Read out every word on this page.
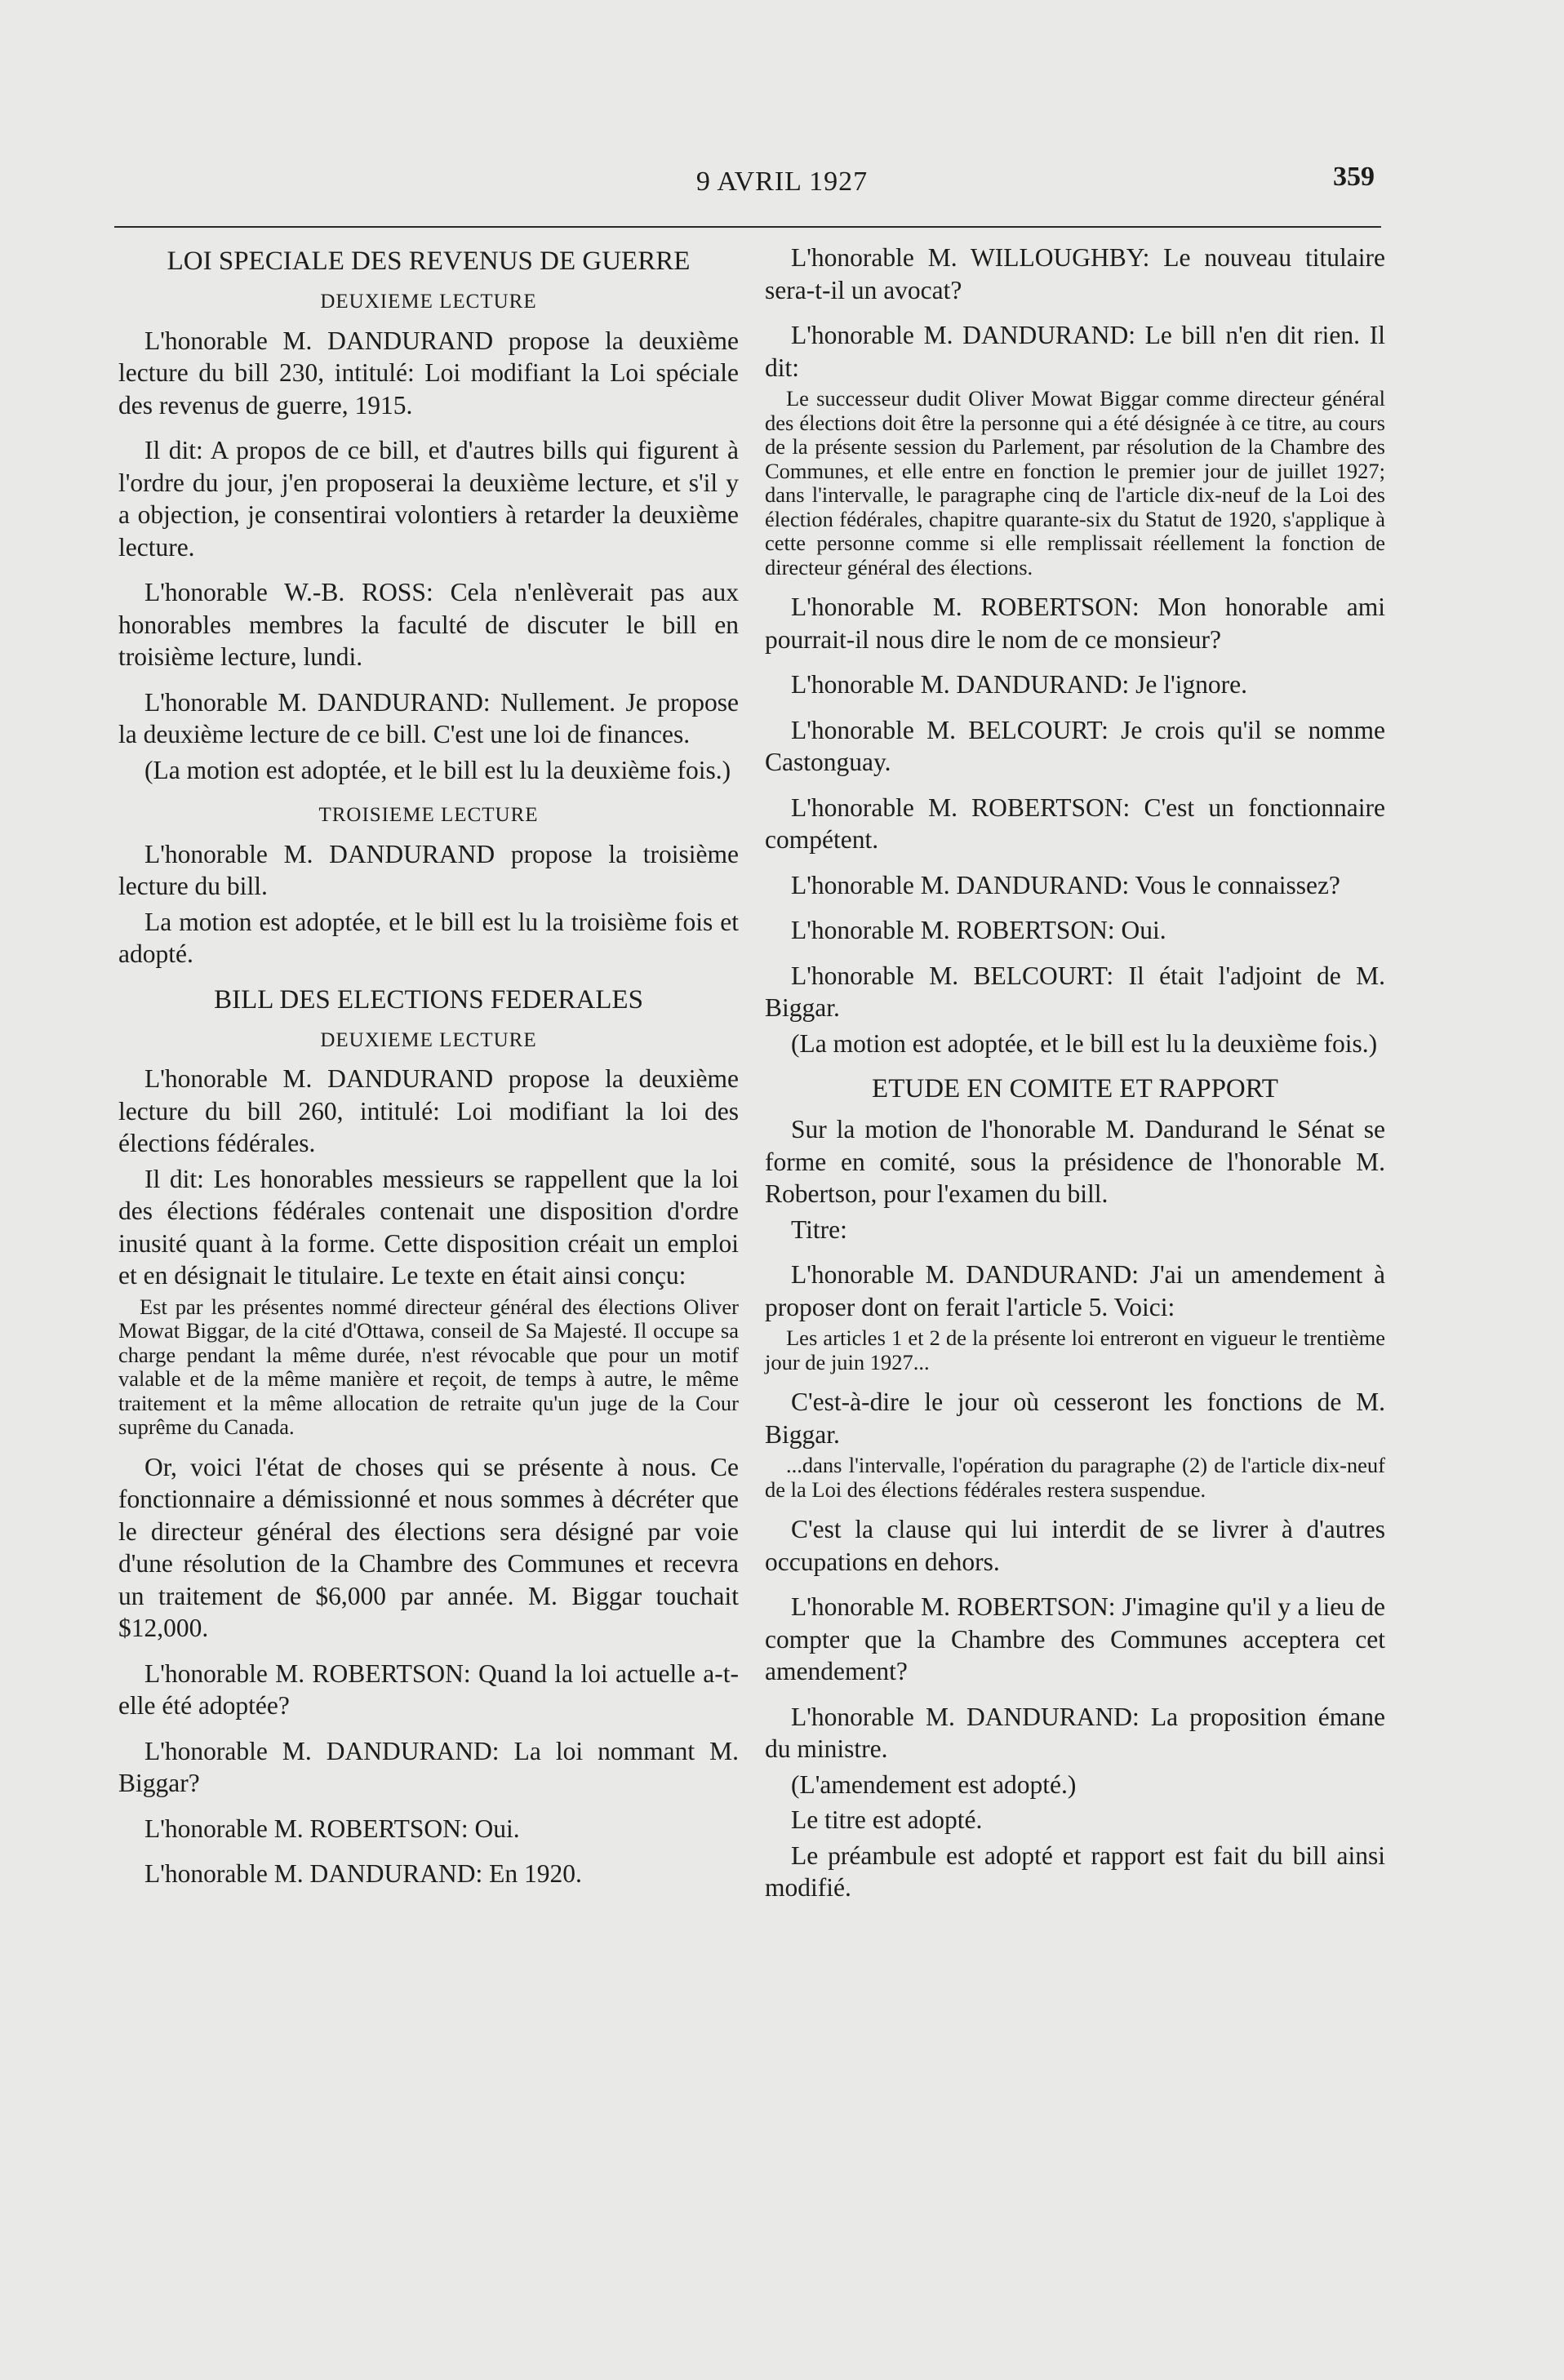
9 AVRIL 1927	359
LOI SPECIALE DES REVENUS DE GUERRE
DEUXIEME LECTURE

L'honorable M. DANDURAND propose la deuxième lecture du bill 230, intitulé: Loi modifiant la Loi spéciale des revenus de guerre, 1915.

Il dit: A propos de ce bill, et d'autres bills qui figurent à l'ordre du jour, j'en proposerai la deuxième lecture, et s'il y a objection, je consentirai volontiers à retarder la deuxième lecture.

L'honorable W.-B. ROSS: Cela n'enlèverait pas aux honorables membres la faculté de discuter le bill en troisième lecture, lundi.

L'honorable M. DANDURAND: Nullement. Je propose la deuxième lecture de ce bill. C'est une loi de finances.

(La motion est adoptée, et le bill est lu la deuxième fois.)

TROISIEME LECTURE

L'honorable M. DANDURAND propose la troisième lecture du bill.

La motion est adoptée, et le bill est lu la troisième fois et adopté.

BILL DES ELECTIONS FEDERALES
DEUXIEME LECTURE

L'honorable M. DANDURAND propose la deuxième lecture du bill 260, intitulé: Loi modifiant la loi des élections fédérales.

Il dit: Les honorables messieurs se rappellent que la loi des élections fédérales contenait une disposition d'ordre inusité quant à la forme. Cette disposition créait un emploi et en désignait le titulaire. Le texte en était ainsi conçu:

Est par les présentes nommé directeur général des élections Oliver Mowat Biggar, de la cité d'Ottawa, conseil de Sa Majesté. Il occupe sa charge pendant la même durée, n'est révocable que pour un motif valable et de la même manière et reçoit, de temps à autre, le même traitement et la même allocation de retraite qu'un juge de la Cour suprême du Canada.

Or, voici l'état de choses qui se présente à nous. Ce fonctionnaire a démissionné et nous sommes à décréter que le directeur général des élections sera désigné par voie d'une résolution de la Chambre des Communes et recevra un traitement de $6,000 par année. M. Biggar touchait $12,000.

L'honorable M. ROBERTSON: Quand la loi actuelle a-t-elle été adoptée?

L'honorable M. DANDURAND: La loi nommant M. Biggar?

L'honorable M. ROBERTSON: Oui.

L'honorable M. DANDURAND: En 1920.

L'honorable M. WILLOUGHBY: Le nouveau titulaire sera-t-il un avocat?

L'honorable M. DANDURAND: Le bill n'en dit rien. Il dit:

Le successeur dudit Oliver Mowat Biggar comme directeur général des élections doit être la personne qui a été désignée à ce titre, au cours de la présente session du Parlement, par résolution de la Chambre des Communes, et elle entre en fonction le premier jour de juillet 1927; dans l'intervalle, le paragraphe cinq de l'article dix-neuf de la Loi des élection fédérales, chapitre quarante-six du Statut de 1920, s'applique à cette personne comme si elle remplissait réellement la fonction de directeur général des élections.

L'honorable M. ROBERTSON: Mon honorable ami pourrait-il nous dire le nom de ce monsieur?

L'honorable M. DANDURAND: Je l'ignore.

L'honorable M. BELCOURT: Je crois qu'il se nomme Castonguay.

L'honorable M. ROBERTSON: C'est un fonctionnaire compétent.

L'honorable M. DANDURAND: Vous le connaissez?

L'honorable M. ROBERTSON: Oui.

L'honorable M. BELCOURT: Il était l'adjoint de M. Biggar.

(La motion est adoptée, et le bill est lu la deuxième fois.)

ETUDE EN COMITE ET RAPPORT

Sur la motion de l'honorable M. Dandurand le Sénat se forme en comité, sous la présidence de l'honorable M. Robertson, pour l'examen du bill.

Titre:

L'honorable M. DANDURAND: J'ai un amendement à proposer dont on ferait l'article 5. Voici:

Les articles 1 et 2 de la présente loi entreront en vigueur le trentième jour de juin 1927...

C'est-à-dire le jour où cesseront les fonctions de M. Biggar.

...dans l'intervalle, l'opération du paragraphe (2) de l'article dix-neuf de la Loi des élections fédérales restera suspendue.

C'est la clause qui lui interdit de se livrer à d'autres occupations en dehors.

L'honorable M. ROBERTSON: J'imagine qu'il y a lieu de compter que la Chambre des Communes acceptera cet amendement?

L'honorable M. DANDURAND: La proposition émane du ministre.

(L'amendement est adopté.)

Le titre est adopté.

Le préambule est adopté et rapport est fait du bill ainsi modifié.
